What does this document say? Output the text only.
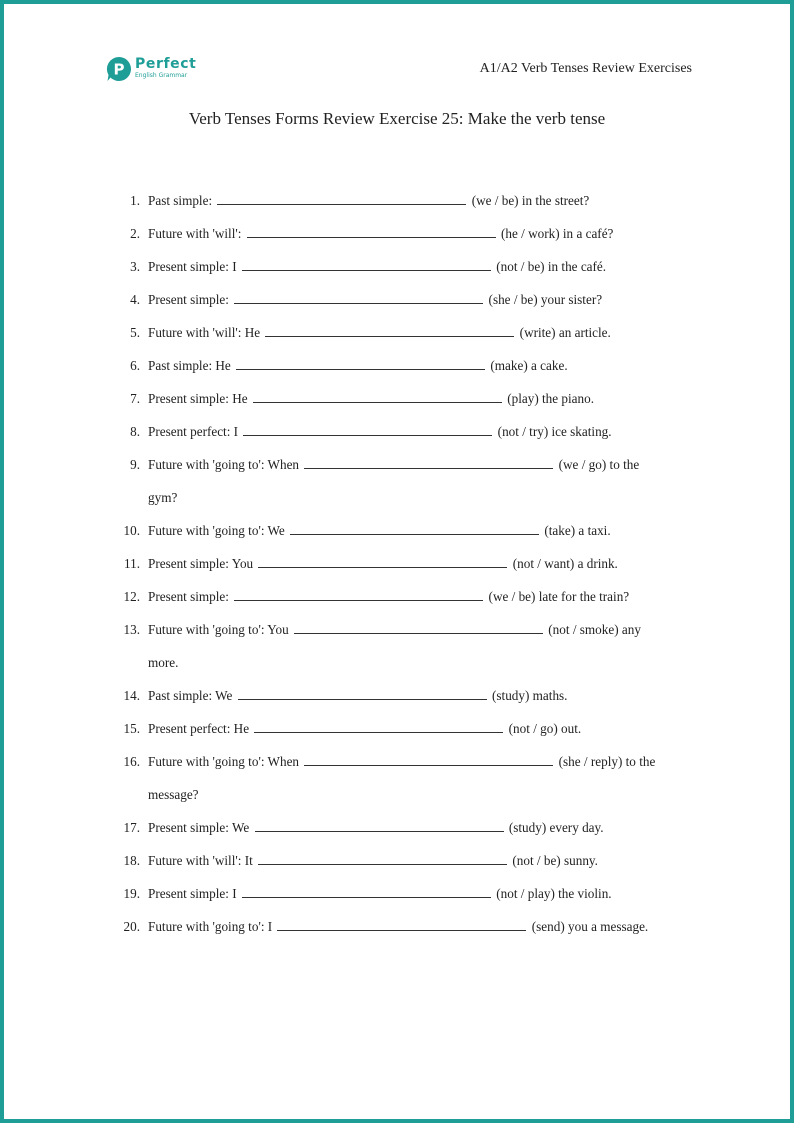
P Perfect
English Grammar	A1/A2 Verb Tenses Review Exercises
Verb Tenses Forms Review Exercise 25: Make the verb tense
1. Past simple:	(we / be) in the street?
2. Future with 'will':	(he / work) in a café?
3. Present simple: I	(not / be) in the café.
4. Present simple:	(she / be) your sister?
5. Future with 'will': He	(write) an article.
6. Past simple: He	(make) a cake.
7. Present simple: He	(play) the piano.
8. Present perfect: I	(not / try) ice skating.
9. Future with 'going to': When	(we / go) to the
gym?
10. Future with 'going to': We	(take) a taxi.
11. Present simple: You	(not / want) a drink.
12. Present simple:	(we / be) late for the train?
13. Future with 'going to': You	(not / smoke) any
more.
14. Past simple: We	(study) maths.
15. Present perfect: He	(not / go) out.
16. Future with 'going to': When	(she / reply) to the
message?
17. Present simple: We	(study) every day.
18. Future with 'will': It	(not / be) sunny.
19. Present simple: I	(not / play) the violin.
20. Future with 'going to': I	(send) you a message.
